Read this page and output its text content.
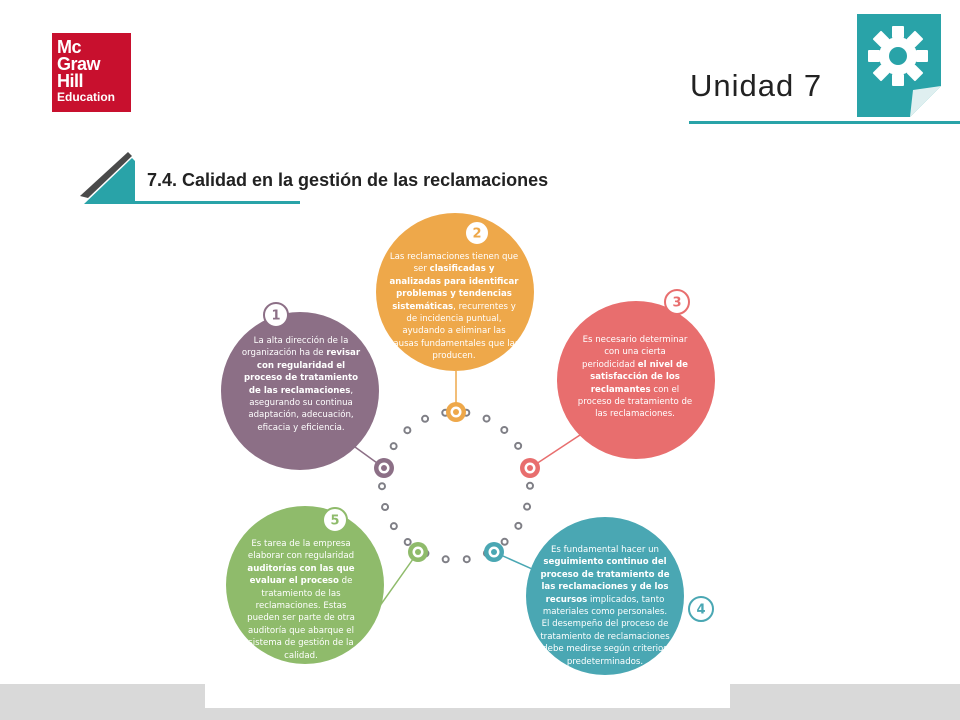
Mc
Graw
Hill
Education	Unidad 7
7.4. Calidad en la gestión de las reclamaciones
1
2
3
4
5
La alta dirección de la organización ha de revisar con regularidad el proceso de tratamiento de las reclamaciones, asegurando su continua adaptación, adecuación, eficacia y eficiencia.
Las reclamaciones tienen que ser clasificadas y analizadas para identificar problemas y tendencias sistemáticas, recurrentes y de incidencia puntual, ayudando a eliminar las causas fundamentales que las producen.
Es necesario determinar con una cierta periodicidad el nivel de satisfacción de los reclamantes con el proceso de tratamiento de las reclamaciones.
Es fundamental hacer un seguimiento continuo del proceso de tratamiento de las reclamaciones y de los recursos implicados, tanto materiales como personales. El desempeño del proceso de tratamiento de reclamaciones debe medirse según criterios predeterminados.
Es tarea de la empresa elaborar con regularidad auditorías con las que evaluar el proceso de tratamiento de las reclamaciones. Estas pueden ser parte de otra auditoría que abarque el sistema de gestión de la calidad.
